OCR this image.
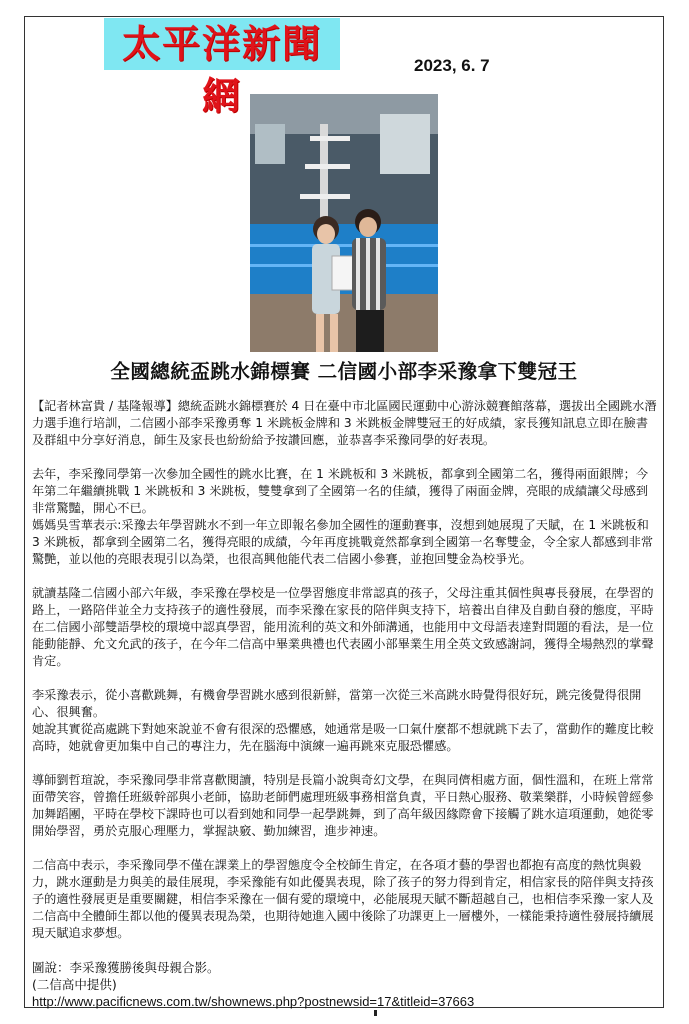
太平洋新聞網
2023, 6. 7
全國總統盃跳水錦標賽 二信國小部李采豫拿下雙冠王

【記者林富貴 / 基隆報導】總統盃跳水錦標賽於 4 日在臺中市北區國民運動中心游泳競賽館落幕，選拔出全國跳水潛力選手進行培訓，二信國小部李采豫勇奪 1 米跳板金牌和 3 米跳板金牌雙冠王的好成績，家長獲知訊息立即在臉書及群組中分享好消息，師生及家長也紛紛給予按讚回應，並恭喜李采豫同學的好表現。

去年，李采豫同學第一次參加全國性的跳水比賽，在 1 米跳板和 3 米跳板，都拿到全國第二名，獲得兩面銀牌；今年第二年繼續挑戰 1 米跳板和 3 米跳板，雙雙拿到了全國第一名的佳績，獲得了兩面金牌，亮眼的成績讓父母感到非常驚豔，開心不已。

媽媽吳雪華表示:采豫去年學習跳水不到一年立即報名參加全國性的運動賽事，沒想到她展現了天賦，在 1 米跳板和 3 米跳板，都拿到全國第二名，獲得亮眼的成績，今年再度挑戰竟然都拿到全國第一名奪雙金，令全家人都感到非常驚艷，並以他的亮眼表現引以為榮，也很高興他能代表二信國小參賽，並抱回雙金為校爭光。

就讀基隆二信國小部六年級，李采豫在學校是一位學習態度非常認真的孩子，父母注重其個性與專長發展，在學習的路上，一路陪伴並全力支持孩子的適性發展，而李采豫在家長的陪伴與支持下，培養出自律及自動自發的態度，平時在二信國小部雙語學校的環境中認真學習，能用流利的英文和外師溝通，也能用中文母語表達對問題的看法，是一位能動能靜、允文允武的孩子，在今年二信高中畢業典禮也代表國小部畢業生用全英文致感謝詞，獲得全場熱烈的掌聲肯定。

李采豫表示，從小喜歡跳舞，有機會學習跳水感到很新鮮，當第一次從三米高跳水時覺得很好玩，跳完後覺得很開心、很興奮。

她說其實從高處跳下對她來說並不會有很深的恐懼感，她通常是吸一口氣什麼都不想就跳下去了，當動作的難度比較高時，她就會更加集中自己的專注力，先在腦海中演練一遍再跳來克服恐懼感。

導師劉哲瑄說，李采豫同學非常喜歡閱讀，特別是長篇小說與奇幻文學，在與同儕相處方面，個性溫和，在班上常常面帶笑容，曾擔任班級幹部與小老師，協助老師們處理班級事務相當負責，平日熱心服務、敬業樂群，小時候曾經參加舞蹈團，平時在學校下課時也可以看到她和同學一起學跳舞，到了高年級因緣際會下接觸了跳水這項運動，她從零開始學習，勇於克服心理壓力，掌握訣竅、勤加練習，進步神速。

二信高中表示，李采豫同學不僅在課業上的學習態度令全校師生肯定，在各項才藝的學習也都抱有高度的熱忱與毅力，跳水運動是力與美的最佳展現，李采豫能有如此優異表現，除了孩子的努力得到肯定，相信家長的陪伴與支持孩子的適性發展更是重要關鍵，相信李采豫在一個有愛的環境中，必能展現天賦不斷超越自己，也相信李采豫一家人及二信高中全體師生都以他的優異表現為榮，也期待她進入國中後除了功課更上一層樓外，一樣能秉持適性發展持續展現天賦追求夢想。

圖說：李采豫獲勝後與母親合影。

(二信高中提供)

http://www.pacificnews.com.tw/shownews.php?postnewsid=17&titleid=37663
